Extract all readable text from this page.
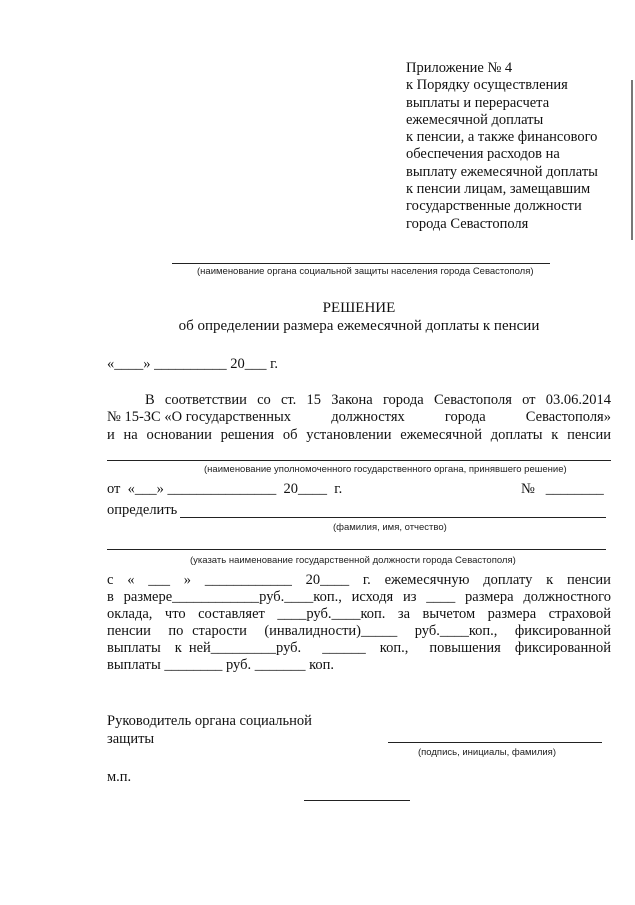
Приложение № 4
к Порядку осуществления
выплаты и перерасчета
ежемесячной доплаты
к пенсии, а также финансового
обеспечения расходов на
выплату ежемесячной доплаты
к пенсии лицам, замещавшим
государственные должности
города Севастополя
(наименование органа социальной защиты населения города Севастополя)
РЕШЕНИЕ
об определении размера ежемесячной доплаты к пенсии
«____» __________ 20___ г.
В соответствии со ст. 15 Закона города Севастополя от 03.06.2014
№ 15-ЗС «О государственных	должностях	города	Севастополя»
и на основании решения об установлении ежемесячной доплаты к пенсии
(наименование уполномоченного государственного органа, принявшего решение)
от «___» _______________ 20____ г.	№ ________
определить
(фамилия, имя, отчество)
(указать наименование государственной должности города Севастополя)
с « ___ » ____________ 20____ г. ежемесячную доплату к пенсии
в размере____________руб.____коп., исходя из ____ размера должностного
оклада, что составляет ____руб.____коп. за вычетом размера страховой
пенсии  по старости  (инвалидности)_____  руб.____коп.,  фиксированной
выплаты  к ней_________руб.   ______  коп.,   повышения  фиксированной
выплаты ________ руб. _______ коп.
Руководитель органа социальной
защиты
(подпись, инициалы, фамилия)
м.п.
